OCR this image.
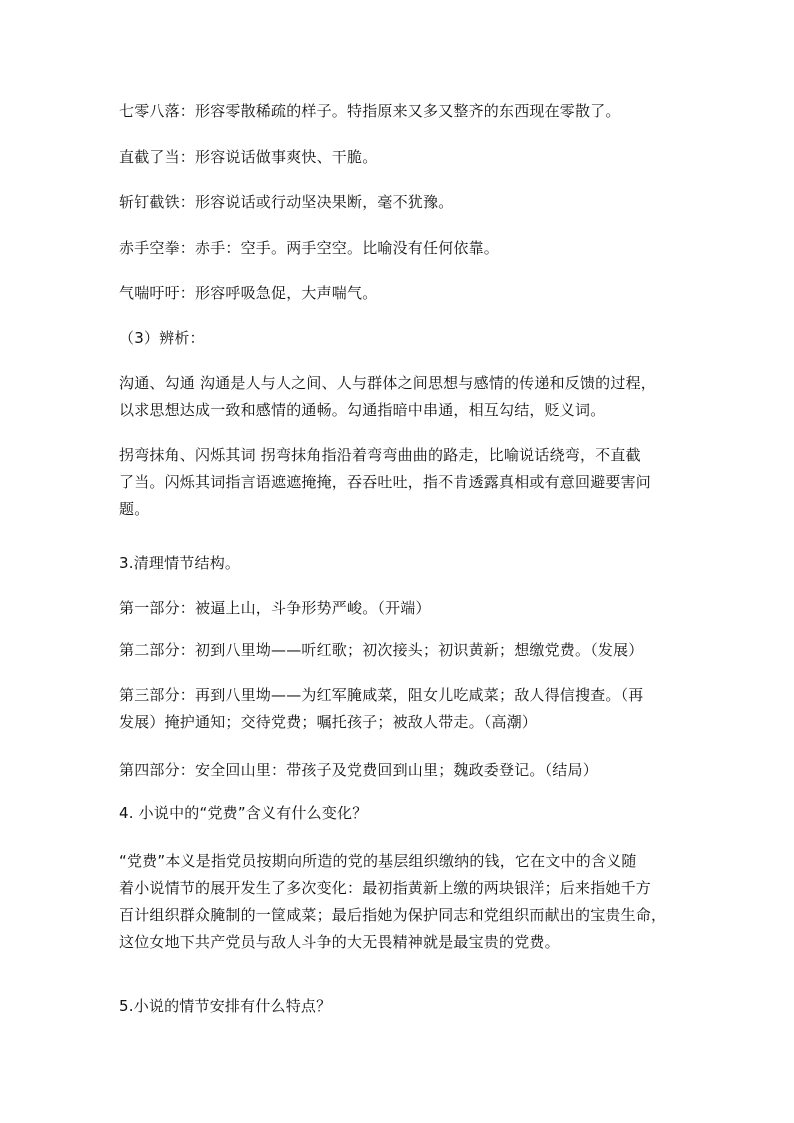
七零八落：形容零散稀疏的样子。特指原来又多又整齐的东西现在零散了。
直截了当：形容说话做事爽快、干脆。
斩钉截铁：形容说话或行动坚决果断，毫不犹豫。
赤手空拳：赤手：空手。两手空空。比喻没有任何依靠。
气喘吁吁：形容呼吸急促，大声喘气。
（3）辨析：
沟通、勾通 沟通是人与人之间、人与群体之间思想与感情的传递和反馈的过程，
以求思想达成一致和感情的通畅。勾通指暗中串通，相互勾结，贬义词。
拐弯抹角、闪烁其词 拐弯抹角指沿着弯弯曲曲的路走，比喻说话绕弯，不直截
了当。闪烁其词指言语遮遮掩掩，吞吞吐吐，指不肯透露真相或有意回避要害问
题。
3.清理情节结构。
第一部分：被逼上山，斗争形势严峻。（开端）
第二部分：初到八里坳——听红歌；初次接头；初识黄新；想缴党费。（发展）
第三部分：再到八里坳——为红军腌咸菜，阻女儿吃咸菜；敌人得信搜查。（再
发展）掩护通知；交待党费；嘱托孩子；被敌人带走。（高潮）
第四部分：安全回山里：带孩子及党费回到山里；魏政委登记。（结局）
4. 小说中的“党费”含义有什么变化？
“党费”本义是指党员按期向所造的党的基层组织缴纳的钱，它在文中的含义随
着小说情节的展开发生了多次变化：最初指黄新上缴的两块银洋；后来指她千方
百计组织群众腌制的一筐咸菜；最后指她为保护同志和党组织而献出的宝贵生命，
这位女地下共产党员与敌人斗争的大无畏精神就是最宝贵的党费。
5.小说的情节安排有什么特点？
